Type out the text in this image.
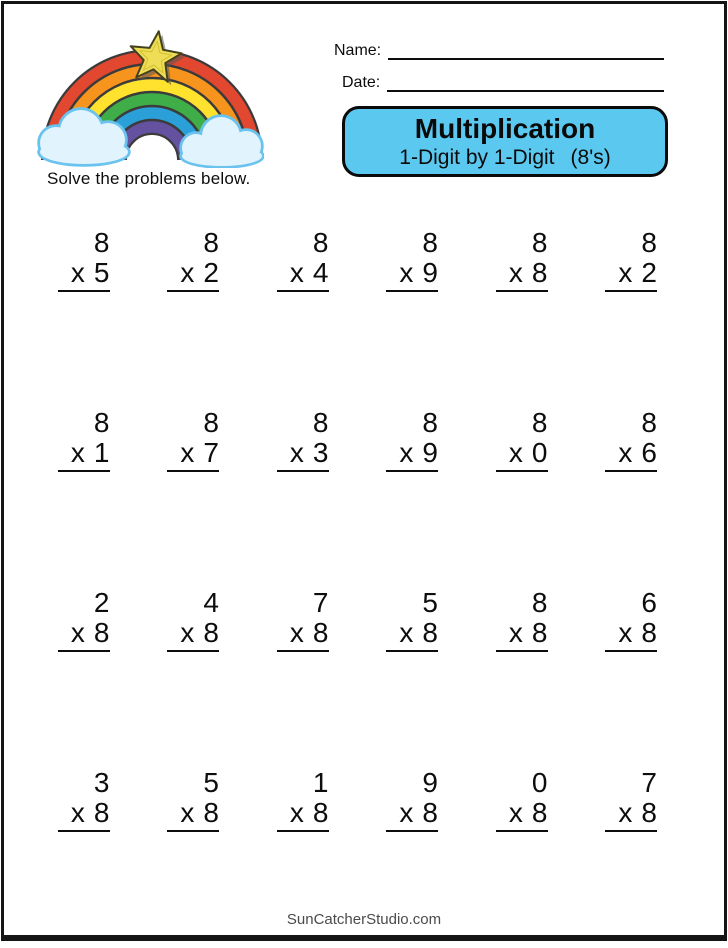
Solve the problems below.
Name:
Date:
Multiplication
1-Digit by 1-Digit (8's)
8
x 5
8
x 2
8
x 4
8
x 9
8
x 8
8
x 2
8
x 1
8
x 7
8
x 3
8
x 9
8
x 0
8
x 6
2
x 8
4
x 8
7
x 8
5
x 8
8
x 8
6
x 8
3
x 8
5
x 8
1
x 8
9
x 8
0
x 8
7
x 8
SunCatcherStudio.com
